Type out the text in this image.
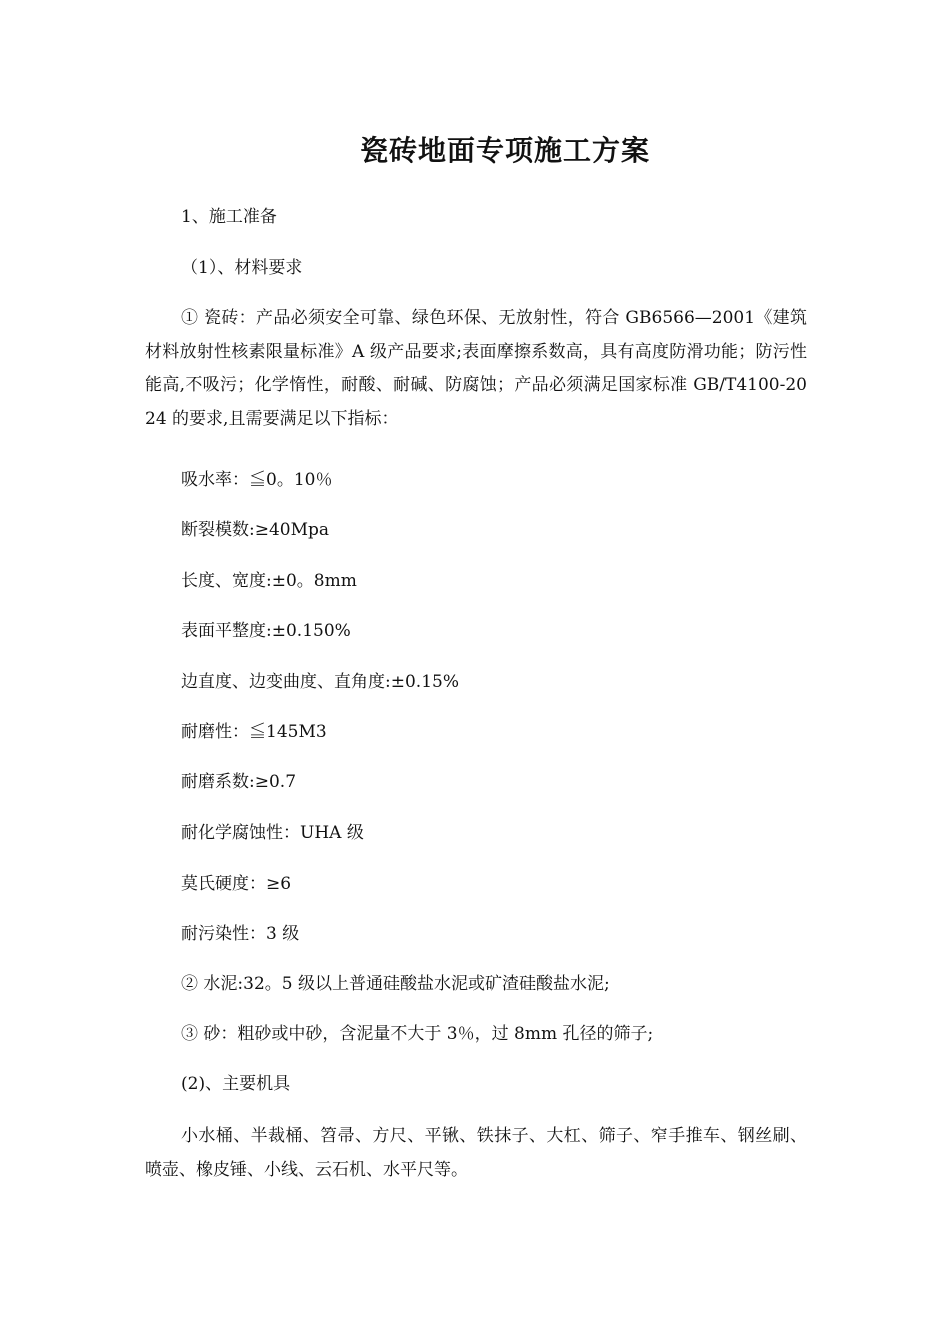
瓷砖地面专项施工方案

1、施工准备

（1）、材料要求

① 瓷砖：产品必须安全可靠、绿色环保、无放射性，符合 GB6566—2001《建筑材料放射性核素限量标准》A 级产品要求;表面摩擦系数高，具有高度防滑功能；防污性能高,不吸污；化学惰性，耐酸、耐碱、防腐蚀；产品必须满足国家标准 GB/T4100-2024 的要求,且需要满足以下指标：

吸水率：≦0。10％

断裂模数:≥40Mpa

长度、宽度:±0。8mm

表面平整度:±0.150%

边直度、边变曲度、直角度:±0.15%

耐磨性：≦145M3

耐磨系数:≥0.7

耐化学腐蚀性：UHA 级

莫氏硬度：≥6

耐污染性：3 级

② 水泥:32。5 级以上普通硅酸盐水泥或矿渣硅酸盐水泥;

③ 砂：粗砂或中砂，含泥量不大于 3％，过 8mm 孔径的筛子;

(2)、主要机具

小水桶、半裁桶、笤帚、方尺、平锹、铁抹子、大杠、筛子、窄手推车、钢丝刷、喷壶、橡皮锤、小线、云石机、水平尺等。
